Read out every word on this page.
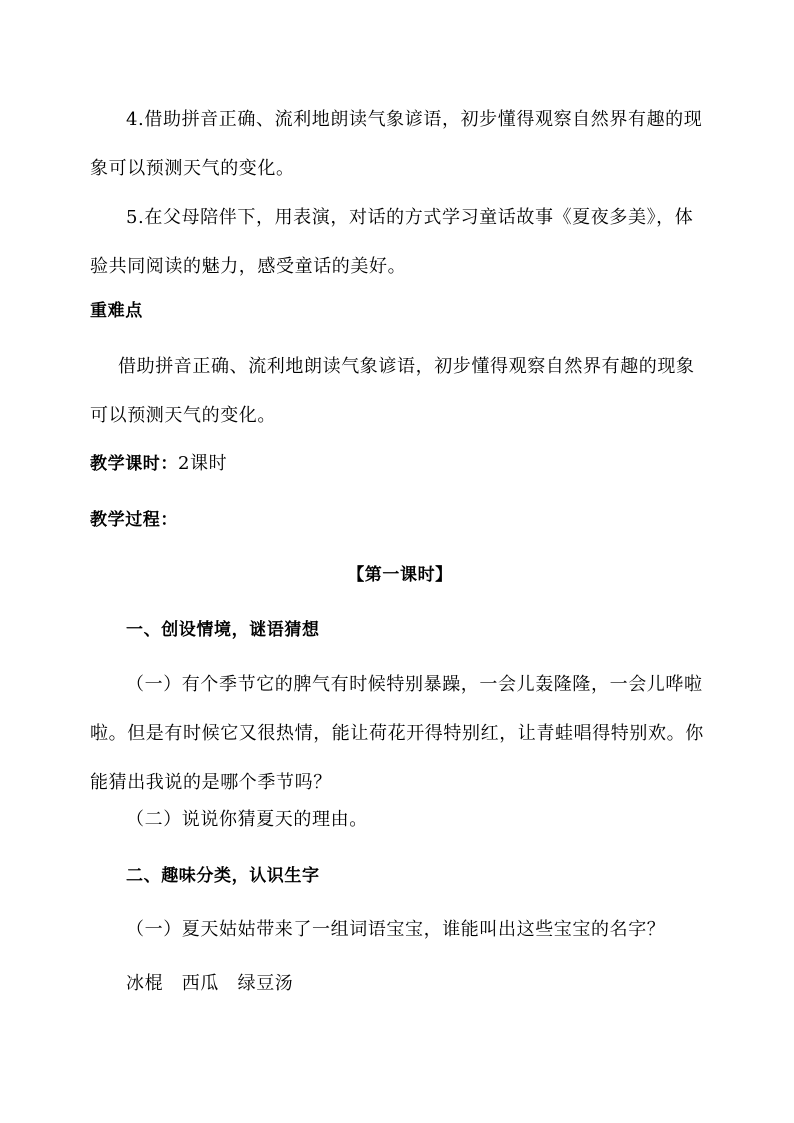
4.借助拼音正确、流利地朗读气象谚语，初步懂得观察自然界有趣的现象可以预测天气的变化。
5.在父母陪伴下，用表演，对话的方式学习童话故事《夏夜多美》，体验共同阅读的魅力，感受童话的美好。
重难点
借助拼音正确、流利地朗读气象谚语，初步懂得观察自然界有趣的现象可以预测天气的变化。
教学课时：2课时
教学过程：
【第一课时】
一、创设情境，谜语猜想
（一）有个季节它的脾气有时候特别暴躁，一会儿轰隆隆，一会儿哗啦啦。但是有时候它又很热情，能让荷花开得特别红，让青蛙唱得特别欢。你能猜出我说的是哪个季节吗？
（二）说说你猜夏天的理由。
二、趣味分类，认识生字
（一）夏天姑姑带来了一组词语宝宝，谁能叫出这些宝宝的名字？
冰棍　西瓜　绿豆汤
